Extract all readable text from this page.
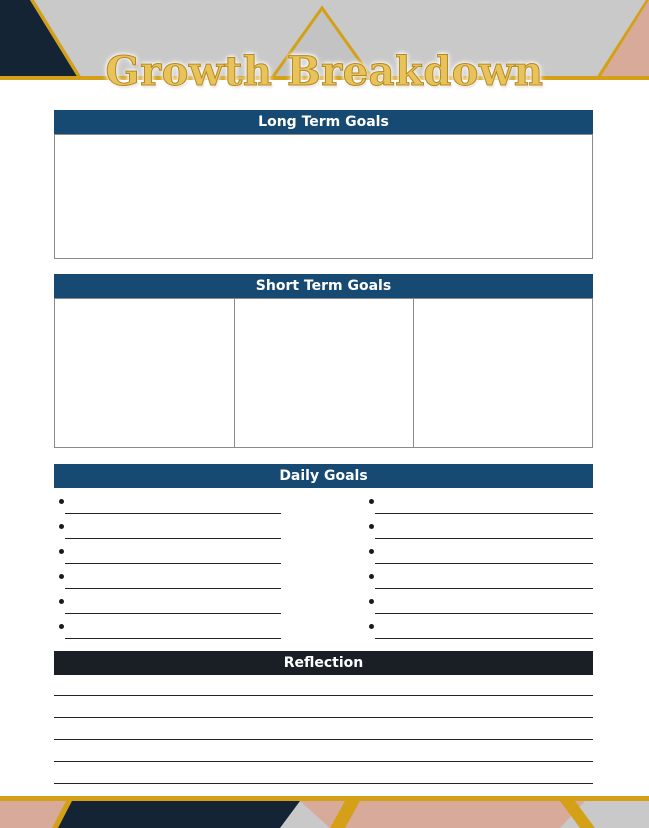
Growth Breakdown
Long Term Goals
Short Term Goals
Daily Goals
Reflection
